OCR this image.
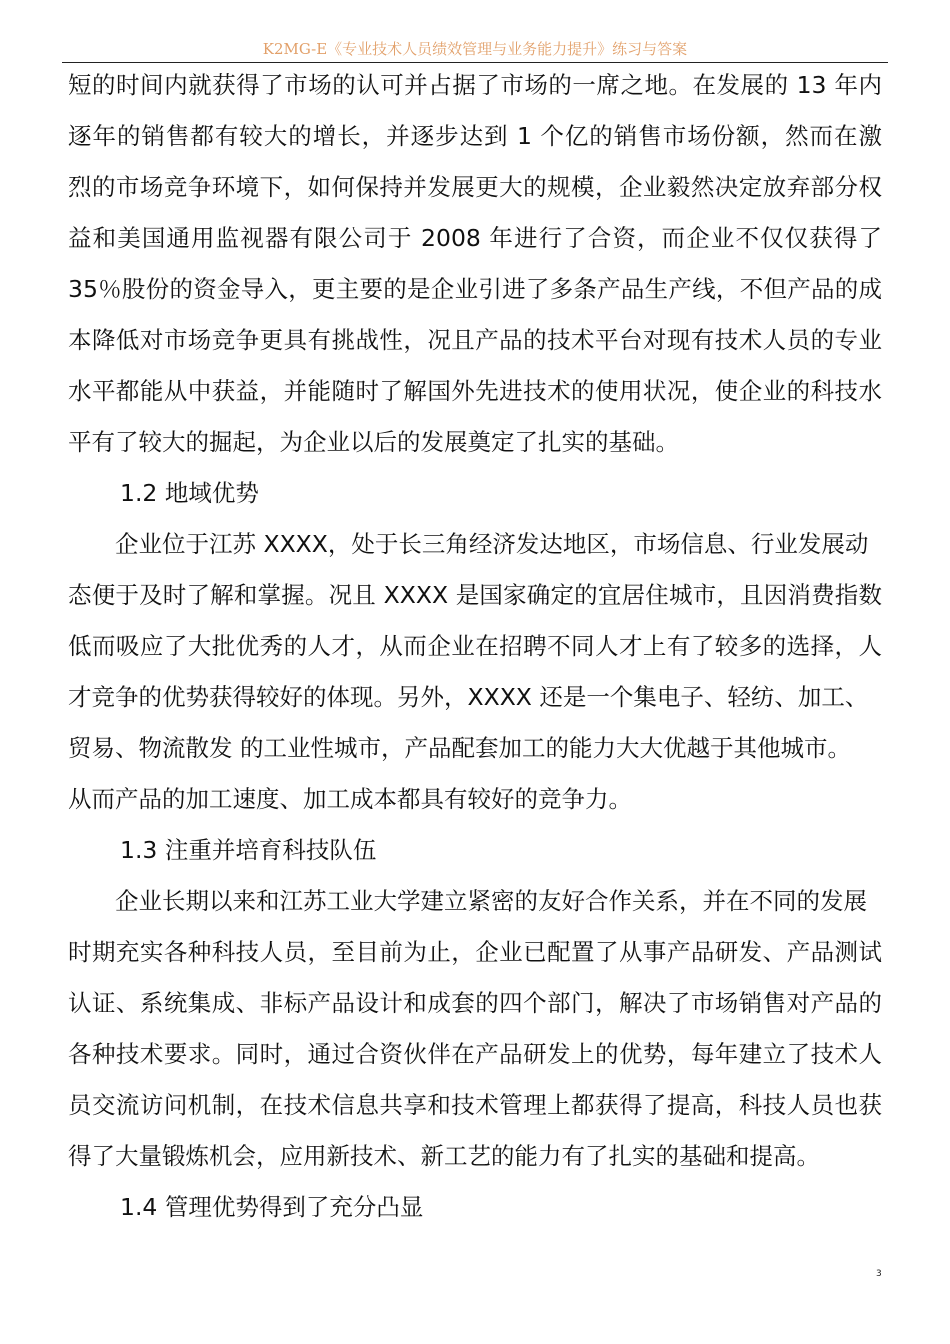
K2MG-E《专业技术人员绩效管理与业务能力提升》练习与答案
短的时间内就获得了市场的认可并占据了市场的一席之地。在发展的 13 年内
逐年的销售都有较大的增长，并逐步达到 1 个亿的销售市场份额，然而在激
烈的市场竞争环境下，如何保持并发展更大的规模，企业毅然决定放弃部分权
益和美国通用监视器有限公司于 2008 年进行了合资，而企业不仅仅获得了
35％股份的资金导入，更主要的是企业引进了多条产品生产线，不但产品的成
本降低对市场竞争更具有挑战性，况且产品的技术平台对现有技术人员的专业
水平都能从中获益，并能随时了解国外先进技术的使用状况，使企业的科技水
平有了较大的掘起，为企业以后的发展奠定了扎实的基础。
1.2 地域优势
企业位于江苏 XXXX，处于长三角经济发达地区，市场信息、行业发展动
态便于及时了解和掌握。况且 XXXX 是国家确定的宜居住城市，且因消费指数
低而吸应了大批优秀的人才，从而企业在招聘不同人才上有了较多的选择，人
才竞争的优势获得较好的体现。另外，XXXX 还是一个集电子、轻纺、加工、
贸易、物流散发 的工业性城市，产品配套加工的能力大大优越于其他城市。
从而产品的加工速度、加工成本都具有较好的竞争力。
1.3 注重并培育科技队伍
企业长期以来和江苏工业大学建立紧密的友好合作关系，并在不同的发展
时期充实各种科技人员，至目前为止，企业已配置了从事产品研发、产品测试
认证、系统集成、非标产品设计和成套的四个部门，解决了市场销售对产品的
各种技术要求。同时，通过合资伙伴在产品研发上的优势，每年建立了技术人
员交流访问机制，在技术信息共享和技术管理上都获得了提高，科技人员也获
得了大量锻炼机会，应用新技术、新工艺的能力有了扎实的基础和提高。
1.4 管理优势得到了充分凸显
3
